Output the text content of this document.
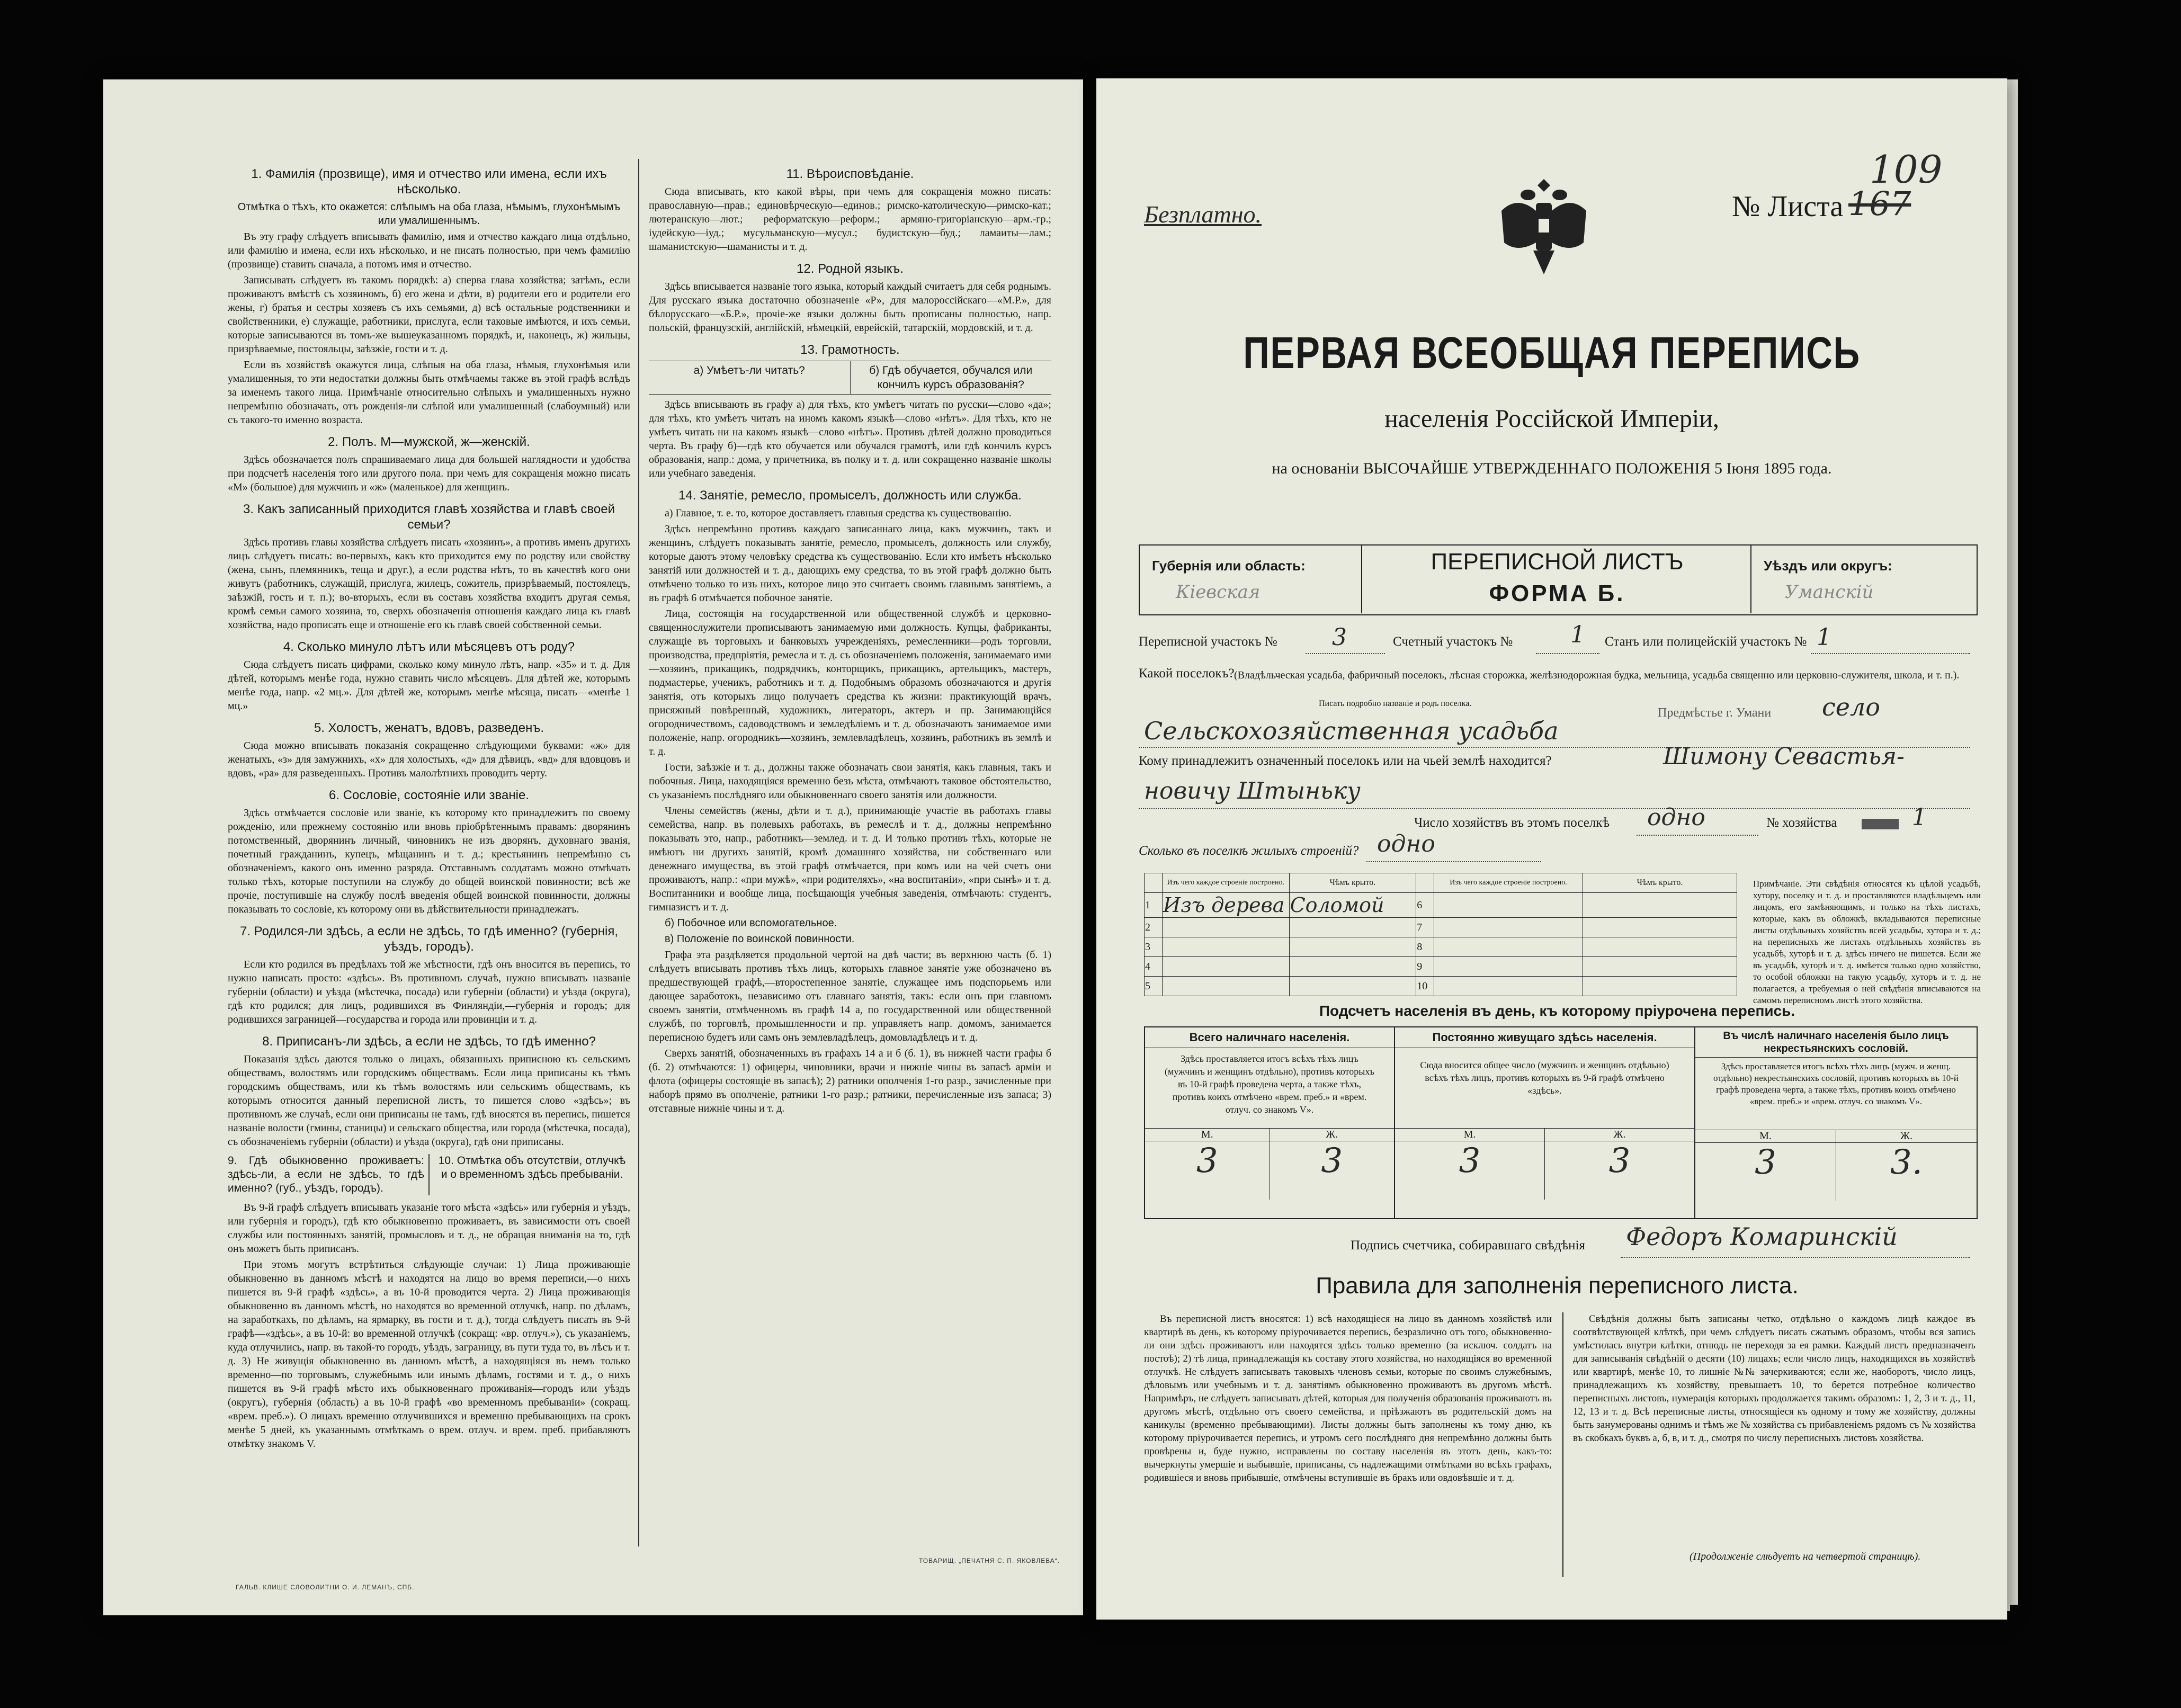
1. Фамилія (прозвище), имя и отчество или имена, если ихъ нѣсколько.

Отмѣтка о тѣхъ, кто окажется: слѣпымъ на оба глаза, нѣмымъ, глухонѣмымъ или умалишеннымъ.

Въ эту графу слѣдуетъ вписывать фамилію, имя и отчество каждаго лица отдѣльно, или фамилію и имена, если ихъ нѣсколько, и не писать полностью, при чемъ фамилію (прозвище) ставить сначала, а потомъ имя и отчество.

Записывать слѣдуетъ въ такомъ порядкѣ: а) сперва глава хозяйства; затѣмъ, если проживаютъ вмѣстѣ съ хозяиномъ, б) его жена и дѣти, в) родители его и родители его жены, г) братья и сестры хозяевъ съ ихъ семьями, д) всѣ остальные родственники и свойственники, е) служащіе, работники, прислуга, если таковые имѣются, и ихъ семьи, которые записываются въ томъ-же вышеуказанномъ порядкѣ, и, наконецъ, ж) жильцы, призрѣваемые, постояльцы, заѣзжіе, гости и т. д.

Если въ хозяйствѣ окажутся лица, слѣпыя на оба глаза, нѣмыя, глухонѣмыя или умалишенныя, то эти недостатки должны быть отмѣчаемы также въ этой графѣ вслѣдъ за именемъ такого лица. Примѣчаніе относительно слѣпыхъ и умалишенныхъ нужно непремѣнно обозначать, отъ рожденія-ли слѣпой или умалишенный (слабоумный) или съ такого-то именно возраста.

2. Полъ. М—мужской, ж—женскій.

Здѣсь обозначается полъ спрашиваемаго лица для большей наглядности и удобства при подсчетѣ населенія того или другого пола. при чемъ для сокращенія можно писать «М» (большое) для мужчинъ и «ж» (маленькое) для женщинъ.

3. Какъ записанный приходится главѣ хозяйства и главѣ своей семьи?

Здѣсь противъ главы хозяйства слѣдуетъ писать «хозяинъ», а противъ именъ другихъ лицъ слѣдуетъ писать: во-первыхъ, какъ кто приходится ему по родству или свойству (жена, сынъ, племянникъ, теща и друг.), а если родства нѣтъ, то въ качествѣ кого они живутъ (работникъ, служащій, прислуга, жилецъ, сожитель, призрѣваемый, постоялецъ, заѣзжій, гость и т. п.); во-вторыхъ, если въ составъ хозяйства входитъ другая семья, кромѣ семьи самого хозяина, то, сверхъ обозначенія отношенія каждаго лица къ главѣ хозяйства, надо прописать еще и отношеніе его къ главѣ своей собственной семьи.

4. Сколько минуло лѣтъ или мѣсяцевъ отъ роду?

Сюда слѣдуетъ писать цифрами, сколько кому минуло лѣтъ, напр. «35» и т. д. Для дѣтей, которымъ менѣе года, нужно ставить число мѣсяцевъ. Для дѣтей же, которымъ менѣе года, напр. «2 мц.». Для дѣтей же, которымъ менѣе мѣсяца, писать—«менѣе 1 мц.»

5. Холостъ, женатъ, вдовъ, разведенъ.

Сюда можно вписывать показанія сокращенно слѣдующими буквами: «ж» для женатыхъ, «з» для замужнихъ, «х» для холостыхъ, «д» для дѣвицъ, «вд» для вдовцовъ и вдовъ, «ра» для разведенныхъ. Противъ малолѣтнихъ проводить черту.

6. Сословіе, состояніе или званіе.

Здѣсь отмѣчается сословіе или званіе, къ которому кто принадлежитъ по своему рожденію, или прежнему состоянію или вновь пріобрѣтеннымъ правамъ: дворянинъ потомственный, дворянинъ личный, чиновникъ не изъ дворянъ, духовнаго званія, почетный гражданинъ, купецъ, мѣщанинъ и т. д.; крестьянинъ непремѣнно съ обозначеніемъ, какого онъ именно разряда. Отставнымъ солдатамъ можно отмѣчать только тѣхъ, которые поступили на службу до общей воинской повинности; всѣ же прочіе, поступившіе на службу послѣ введенія общей воинской повинности, должны показывать то сословіе, къ которому они въ дѣйствительности принадлежатъ.

7. Родился-ли здѣсь, а если не здѣсь, то гдѣ именно? (губернія, уѣздъ, городъ).

Если кто родился въ предѣлахъ той же мѣстности, гдѣ онъ вносится въ перепись, то нужно написать просто: «здѣсь». Въ противномъ случаѣ, нужно вписывать названіе губерніи (области) и уѣзда (мѣстечка, посада) или губерніи (области) и уѣзда (округа), гдѣ кто родился; для лицъ, родившихся въ Финляндіи,—губернія и городъ; для родившихся заграницей—государства и города или провинціи и т. д.

8. Приписанъ-ли здѣсь, а если не здѣсь, то гдѣ именно?

Показанія здѣсь даются только о лицахъ, обязанныхъ приписною къ сельскимъ обществамъ, волостямъ или городскимъ обществамъ. Если лица приписаны къ тѣмъ городскимъ обществамъ, или къ тѣмъ волостямъ или сельскимъ обществамъ, къ которымъ относится данный переписной листъ, то пишется слово «здѣсь»; въ противномъ же случаѣ, если они приписаны не тамъ, гдѣ вносятся въ перепись, пишется названіе волости (гмины, станицы) и сельскаго общества, или города (мѣстечка, посада), съ обозначеніемъ губерніи (области) и уѣзда (округа), гдѣ они приписаны.

9. Гдѣ обыкновенно проживаетъ: здѣсь-ли, а если не здѣсь, то гдѣ именно? (губ., уѣздъ, городъ).
10. Отмѣтка объ отсутствіи, отлучкѣ и о временномъ здѣсь пребываніи.

Въ 9-й графѣ слѣдуетъ вписывать указаніе того мѣста «здѣсь» или губернія и уѣздъ, или губернія и городъ), гдѣ кто обыкновенно проживаетъ, въ зависимости отъ своей службы или постоянныхъ занятій, промысловъ и т. д., не обращая вниманія на то, гдѣ онъ можетъ быть приписанъ.

При этомъ могутъ встрѣтиться слѣдующіе случаи: 1) Лица проживающіе обыкновенно въ данномъ мѣстѣ и находятся на лицо во время переписи,—о нихъ пишется въ 9-й графѣ «здѣсь», а въ 10-й проводится черта. 2) Лица проживающія обыкновенно въ данномъ мѣстѣ, но находятся во временной отлучкѣ, напр. по дѣламъ, на заработкахъ, по дѣламъ, на ярмарку, въ гости и т. д.), тогда слѣдуетъ писать въ 9-й графѣ—«здѣсь», а въ 10-й: во временной отлучкѣ (сокращ: «вр. отлуч.»), съ указаніемъ, куда отлучились, напр. въ такой-то городъ, уѣздъ, заграницу, въ пути туда то, въ лѣсъ и т. д. 3) Не живущія обыкновенно въ данномъ мѣстѣ, а находящіяся въ немъ только временно—по торговымъ, служебнымъ или инымъ дѣламъ, гостями и т. д., о нихъ пишется въ 9-й графѣ мѣсто ихъ обыкновеннаго проживанія—городъ или уѣздъ (округъ), губернія (область) а въ 10-й графѣ «во временномъ пребываніи» (сокращ. «врем. преб.»). О лицахъ временно отлучившихся и временно пребывающихъ на срокъ менѣе 5 дней, къ указаннымъ отмѣткамъ о врем. отлуч. и врем. преб. прибавляютъ отмѣтку знакомъ V.

11. Вѣроисповѣданіе.

Сюда вписывать, кто какой вѣры, при чемъ для сокращенія можно писать: православную—прав.; единовѣрческую—единов.; римско-католическую—римско-кат.; лютеранскую—лют.; реформатскую—реформ.; армяно-григоріанскую—арм.-гр.; іудейскую—іуд.; мусульманскую—мусул.; будистскую—буд.; ламаиты—лам.; шаманистскую—шаманисты и т. д.

12. Родной языкъ.

Здѣсь вписывается названіе того языка, который каждый считаетъ для себя роднымъ. Для русскаго языка достаточно обозначеніе «Р», для малороссійскаго—«М.Р.», для бѣлорусскаго—«Б.Р.», прочіе-же языки должны быть прописаны полностью, напр. польскій, французскій, англійскій, нѣмецкій, еврейскій, татарскій, мордовскій, и т. д.

13. Грамотность.
а) Умѣетъ-ли читать?	б) Гдѣ обучается, обучался или кончилъ курсъ образованія?

Здѣсь вписывають въ графу а) для тѣхъ, кто умѣетъ читать по русски—слово «да»; для тѣхъ, кто умѣетъ читать на иномъ какомъ языкѣ—слово «нѣтъ». Для тѣхъ, кто не умѣетъ читать ни на какомъ языкѣ—слово «нѣтъ». Противъ дѣтей должно проводиться черта. Въ графу б)—гдѣ кто обучается или обучался грамотѣ, или гдѣ кончилъ курсъ образованія, напр.: дома, у причетника, въ полку и т. д. или сокращенно названіе школы или учебнаго заведенія.

14. Занятіе, ремесло, промыселъ, должность или служба.

а) Главное, т. е. то, которое доставляетъ главныя средства къ существованію.

Здѣсь непремѣнно противъ каждаго записаннаго лица, какъ мужчинъ, такъ и женщинъ, слѣдуетъ показывать занятіе, ремесло, промыселъ, должность или службу, которые даютъ этому человѣку средства къ существованію. Если кто имѣетъ нѣсколько занятій или должностей и т. д., дающихъ ему средства, то въ этой графѣ должно быть отмѣчено только то изъ нихъ, которое лицо это считаетъ своимъ главнымъ занятіемъ, а въ графѣ 6 отмѣчается побочное занятіе.

Лица, состоящія на государственной или общественной службѣ и церковно-священнослужители прописываютъ занимаемую ими должность. Купцы, фабриканты, служащіе въ торговыхъ и банковыхъ учрежденіяхъ, ремесленники—родъ торговли, производства, предпріятія, ремесла и т. д. съ обозначеніемъ положенія, занимаемаго ими—хозяинъ, прикащикъ, подрядчикъ, конторщикъ, прикащикъ, артельщикъ, мастеръ, подмастерье, ученикъ, работникъ и т. д. Подобнымъ образомъ обозначаются и другія занятія, отъ которыхъ лицо получаетъ средства къ жизни: практикующій врачъ, присяжный повѣренный, художникъ, литераторъ, актеръ и пр. Занимающійся огородничествомъ, садоводствомъ и земледѣліемъ и т. д. обозначаютъ занимаемое ими положеніе, напр. огородникъ—хозяинъ, землевладѣлецъ, хозяинъ, работникъ въ землѣ и т. д.

Гости, заѣзжіе и т. д., должны также обозначать свои занятія, какъ главныя, такъ и побочныя. Лица, находящіяся временно безъ мѣста, отмѣчаютъ таковое обстоятельство, съ указаніемъ послѣдняго или обыкновеннаго своего занятія или должности.

Члены семействъ (жены, дѣти и т. д.), принимающіе участіе въ работахъ главы семейства, напр. въ полевыхъ работахъ, въ ремеслѣ и т. д., должны непремѣнно показывать это, напр., работникъ—землед. и т. д. И только противъ тѣхъ, которые не имѣютъ ни другихъ занятій, кромѣ домашняго хозяйства, ни собственнаго или денежнаго имущества, въ этой графѣ отмѣчается, при комъ или на чей счетъ они проживаютъ, напр.: «при мужѣ», «при родителяхъ», «на воспитаніи», «при сынѣ» и т. д. Воспитанники и вообще лица, посѣщающія учебныя заведенія, отмѣчають: студентъ, гимназистъ и т. д.

б) Побочное или вспомогательное.

в) Положеніе по воинской повинности.

Графа эта раздѣляется продольной чертой на двѣ части; въ верхнюю часть (б. 1) слѣдуетъ вписывать противъ тѣхъ лицъ, которыхъ главное занятіе уже обозначено въ предшествующей графѣ,—второстепенное занятіе, служащее имъ подспорьемъ или дающее заработокъ, независимо отъ главнаго занятія, такъ: если онъ при главномъ своемъ занятіи, отмѣченномъ въ графѣ 14 а, по государственной или общественной службѣ, по торговлѣ, промышленности и пр. управляетъ напр. домомъ, занимается переписною будетъ или самъ онъ землевладѣлецъ, домовладѣлецъ и т. д.

Сверхъ занятій, обозначенныхъ въ графахъ 14 а и б (б. 1), въ нижней части графы б (б. 2) отмѣчаются: 1) офицеры, чиновники, врачи и нижніе чины въ запасѣ арміи и флота (офицеры состоящіе въ запасѣ); 2) ратники ополченія 1-го разр., зачисленные при наборѣ прямо въ ополченіе, ратники 1-го разр.; ратники, перечисленные изъ запаса; 3) отставные нижніе чины и т. д.

ГАЛЬВ. КЛИШЕ СЛОВОЛИТНИ О. И. ЛЕМАНЪ, СПБ.
ТОВАРИЩ. „ПЕЧАТНЯ С. П. ЯКОВЛЕВА“.
Безплатно.	№ Листа 167
109
ПЕРВАЯ ВСЕОБЩАЯ ПЕРЕПИСЬ
населенія Россійской Имперіи,
на основаніи ВЫСОЧАЙШЕ УТВЕРЖДЕННАГО ПОЛОЖЕНІЯ 5 Іюня 1895 года.
Губернія или область:
Кіевская
ПЕРЕПИСНОЙ ЛИСТЪ
ФОРМА Б.
Уѣздъ или округъ:
Уманскій
Переписной участокъ № 3	Счетный участокъ № 1 Станъ или полицейскій участокъ № 1
Какой поселокъ? (Владѣльческая усадьба, фабричный поселокъ, лѣсная сторожка, желѣзнодорожная будка, мельница, усадьба священно или церковно-служителя, школа, и т. п.).
Писать подробно названіе и родъ поселка.
Предмѣстье г. Умани село
Сельскохозяйственная усадьба
Кому принадлежитъ означенный поселокъ или на чьей землѣ находится?	Шимону Севастья-
новичу Штыньку
Число хозяйствъ въ этомъ поселкѣ одно	№ хозяйства	1
Сколько въ поселкѣ жилыхъ строеній? одно
	Изъ чего каждое строеніе построено.	Чѣмъ крыто.		Изъ чего каждое строеніе построено.	Чѣмъ крыто.
1	Изъ дерева	Соломой	6		
2			7		
3			8		
4			9		
5			10		
Примѣчаніе. Эти свѣдѣнія относятся къ цѣлой усадьбѣ, хутору, поселку и т. д. и проставляются владѣльцемъ или лицомъ, его замѣняющимъ, и только на тѣхъ листахъ, которые, какъ въ обложкѣ, вкладываются переписные листы отдѣльныхъ хозяйствъ всей усадьбы, хутора и т. д.; на переписныхъ же листахъ отдѣльныхъ хозяйствъ въ усадьбѣ, хуторѣ и т. д. здѣсь ничего не пишется. Если же въ усадьбѣ, хуторѣ и т. д. имѣется только одно хозяйство, то особой обложки на такую усадьбу, хуторъ и т. д. не полагается, а требуемыя о ней свѣдѣнія вписываются на самомъ переписномъ листѣ этого хозяйства.
Подсчетъ населенія въ день, къ которому пріурочена перепись.
Всего наличнаго населенія.
Здѣсь проставляется итогъ всѣхъ тѣхъ лицъ (мужчинъ и женщинъ отдѣльно), противъ которыхъ въ 10-й графѣ проведена черта, а также тѣхъ, противъ коихъ отмѣчено «врем. преб.» и «врем. отлуч. со знакомъ V».
М.	Ж.
3	3
Постоянно живущаго здѣсь населенія.
Сюда вносится общее число (мужчинъ и женщинъ отдѣльно) всѣхъ тѣхъ лицъ, противъ которыхъ въ 9-й графѣ отмѣчено «здѣсь».
М.	Ж.
3	3
Въ числѣ наличнаго населенія было лицъ некрестьянскихъ сословій.
Здѣсь проставляется итогъ всѣхъ тѣхъ лицъ (мужч. и женщ. отдѣльно) некрестьянскихъ сословій, противъ которыхъ въ 10-й графѣ проведена черта, а также тѣхъ, противъ коихъ отмѣчено «врем. преб.» и «врем. отлуч. со знакомъ V».
М.	Ж.
3	3.
Подпись счетчика, собиравшаго свѣдѣнія Федоръ Комаринскій
Правила для заполненія переписного листа.
Въ переписной листъ вносятся: 1) всѣ находящіеся на лицо въ данномъ хозяйствѣ или квартирѣ въ день, къ которому пріурочивается перепись, безразлично отъ того, обыкновенно-ли они здѣсь проживаютъ или находятся здѣсь только временно (за исключ. солдатъ на постоѣ); 2) тѣ лица, принадлежащія къ составу этого хозяйства, но находящіяся во временной отлучкѣ. Не слѣдуетъ записывать таковыхъ членовъ семьи, которые по своимъ служебнымъ, дѣловымъ или учебнымъ и т. д. занятіямъ обыкновенно проживаютъ въ другомъ мѣстѣ. Напримѣръ, не слѣдуетъ записывать дѣтей, которыя для полученія образованія проживаютъ въ другомъ мѣстѣ, отдѣльно отъ своего семейства, и пріѣзжаютъ въ родительскій домъ на каникулы (временно пребывающими). Листы должны быть заполнены къ тому дню, къ которому пріурочивается перепись, и утромъ сего послѣдняго дня непремѣнно должны быть провѣрены и, буде нужно, исправлены по составу населенія въ этотъ день, какъ-то: вычеркнуты умершіе и выбывшіе, приписаны, съ надлежащими отмѣтками во всѣхъ графахъ, родившіеся и вновь прибывшіе, отмѣчены вступившіе въ бракъ или овдовѣвшіе и т. д.
Свѣдѣнія должны быть записаны четко, отдѣльно о каждомъ лицѣ каждое въ соотвѣтствующей клѣткѣ, при чемъ слѣдуетъ писать сжатымъ образомъ, чтобы вся запись умѣстилась внутри клѣтки, отнюдь не переходя за ея рамки. Каждый листъ предназначенъ для записыванія свѣдѣній о десяти (10) лицахъ; если число лицъ, находящихся въ хозяйствѣ или квартирѣ, менѣе 10, то лишніе №№ зачеркиваются; если же, наоборотъ, число лицъ, принадлежащихъ къ хозяйству, превышаетъ 10, то берется потребное количество переписныхъ листовъ, нумерація которыхъ продолжается такимъ образомъ: 1, 2, 3 и т. д., 11, 12, 13 и т. д. Всѣ переписные листы, относящіеся къ одному и тому же хозяйству, должны быть занумерованы однимъ и тѣмъ же № хозяйства съ прибавленіемъ рядомъ съ № хозяйства въ скобкахъ буквъ а, б, в, и т. д., смотря по числу переписныхъ листовъ хозяйства.
(Продолженіе слѣдуетъ на четвертой страницѣ).
